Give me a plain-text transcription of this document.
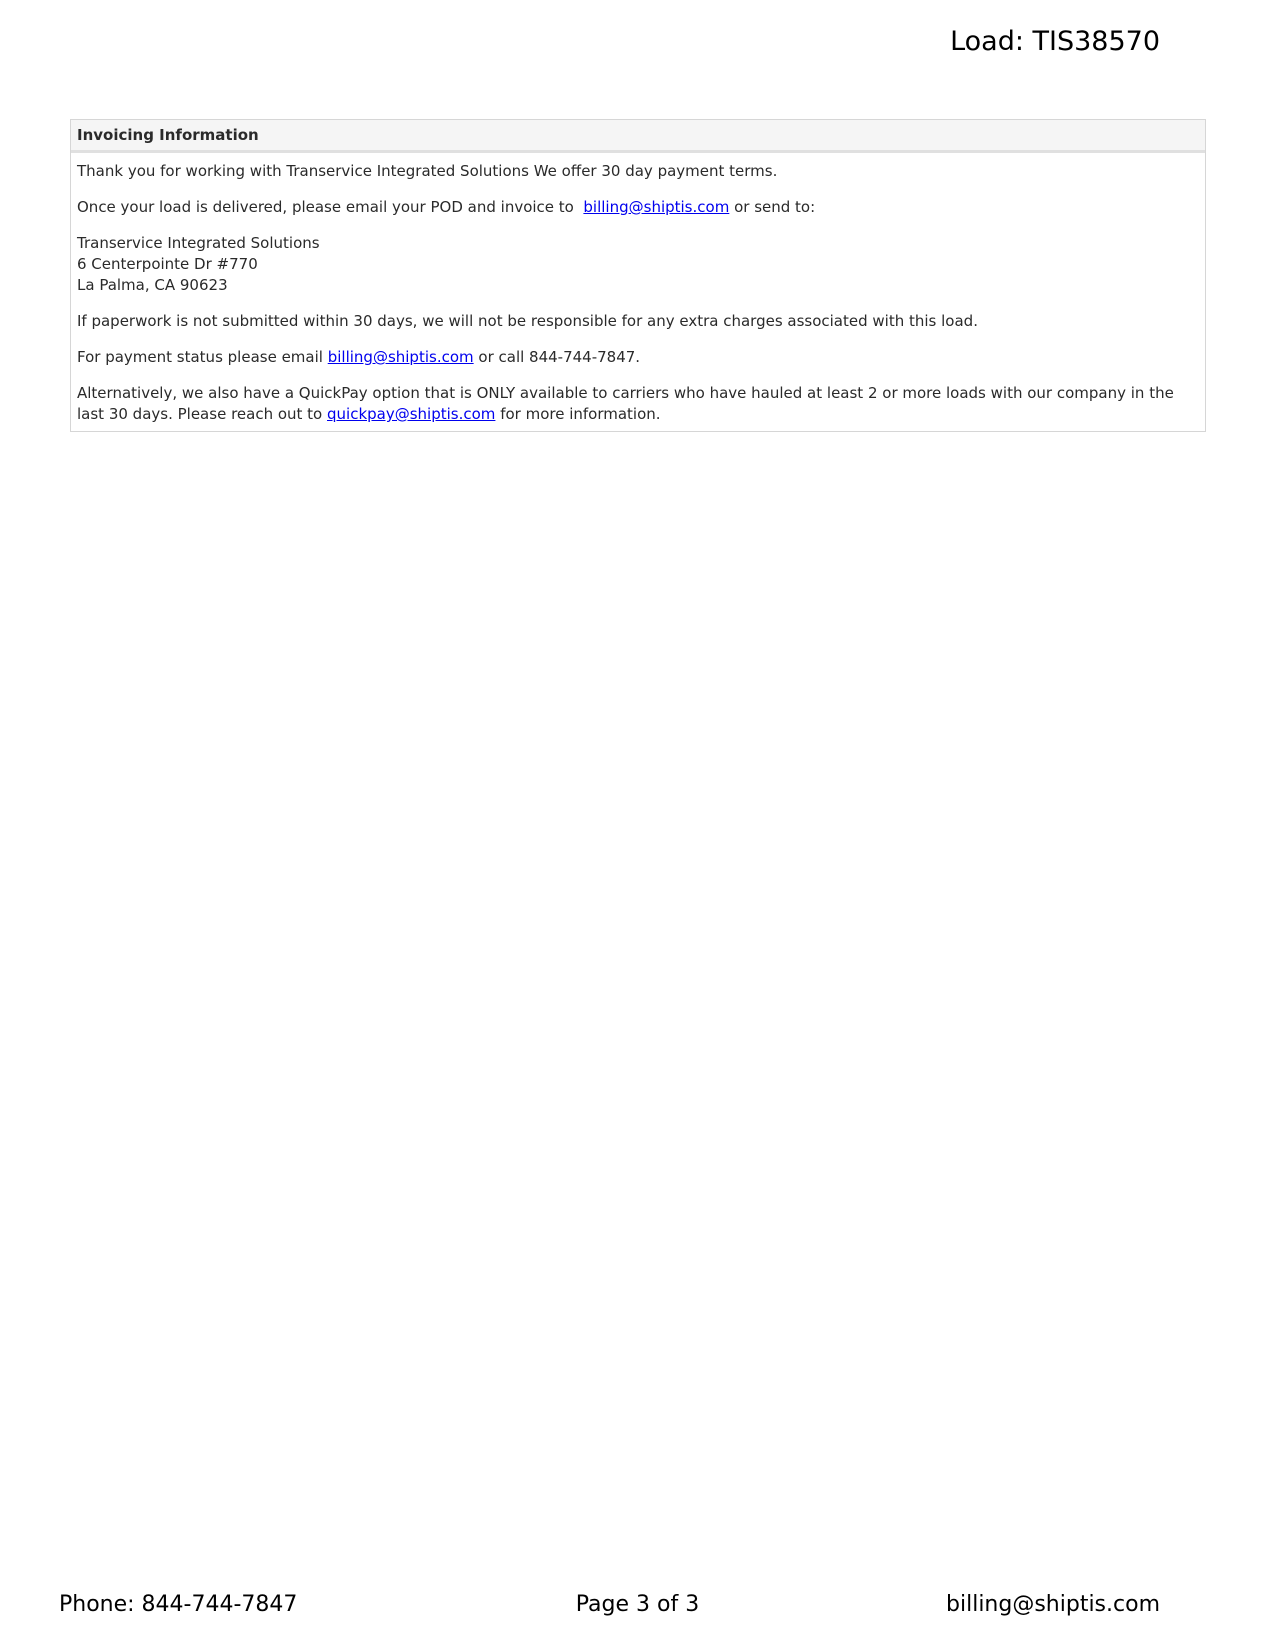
Load: TIS38570
Invoicing Information

Thank you for working with Transervice Integrated Solutions We offer 30 day payment terms.

Once your load is delivered, please email your POD and invoice to billing@shiptis.com or send to:

Transervice Integrated Solutions
6 Centerpointe Dr #770
La Palma, CA 90623

If paperwork is not submitted within 30 days, we will not be responsible for any extra charges associated with this load.

For payment status please email billing@shiptis.com or call 844-744-7847.

Alternatively, we also have a QuickPay option that is ONLY available to carriers who have hauled at least 2 or more loads with our company in the last 30 days. Please reach out to quickpay@shiptis.com for more information.

Phone: 844-744-7847	Page 3 of 3	billing@shiptis.com
